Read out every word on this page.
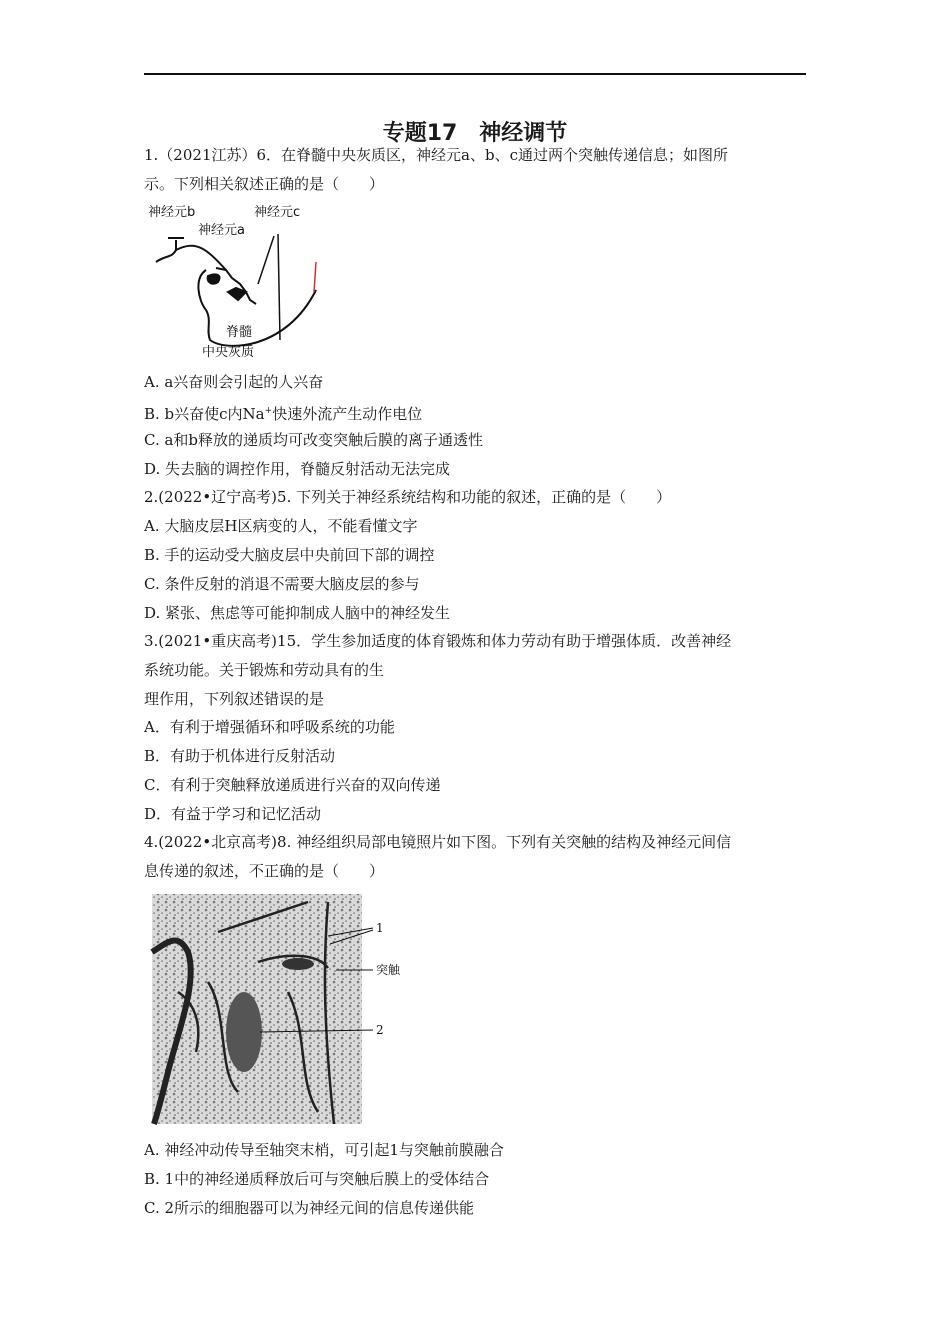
专题17　神经调节
1.（2021江苏）6．在脊髓中央灰质区，神经元a、b、c通过两个突触传递信息；如图所
示。下列相关叙述正确的是（　　）
神经元b	神经元c
神经元a
脊髓
中央灰质
A. a兴奋则会引起的人兴奋
B. b兴奋使c内Na+快速外流产生动作电位
C. a和b释放的递质均可改变突触后膜的离子通透性
D. 失去脑的调控作用，脊髓反射活动无法完成
2.(2022•辽宁高考)5. 下列关于神经系统结构和功能的叙述，正确的是（　　）
A. 大脑皮层H区病变的人，不能看懂文字
B. 手的运动受大脑皮层中央前回下部的调控
C. 条件反射的消退不需要大脑皮层的参与
D. 紧张、焦虑等可能抑制成人脑中的神经发生
3.(2021•重庆高考)15．学生参加适度的体育锻炼和体力劳动有助于增强体质．改善神经
系统功能。关于锻炼和劳动具有的生
理作用，下列叙述错误的是
A．有利于增强循环和呼吸系统的功能
B．有助于机体进行反射活动
C．有利于突触释放递质进行兴奋的双向传递
D．有益于学习和记忆活动
4.(2022•北京高考)8. 神经组织局部电镜照片如下图。下列有关突触的结构及神经元间信
息传递的叙述，不正确的是（　　）
1
突触
2
A. 神经冲动传导至轴突末梢，可引起1与突触前膜融合
B. 1中的神经递质释放后可与突触后膜上的受体结合
C. 2所示的细胞器可以为神经元间的信息传递供能
